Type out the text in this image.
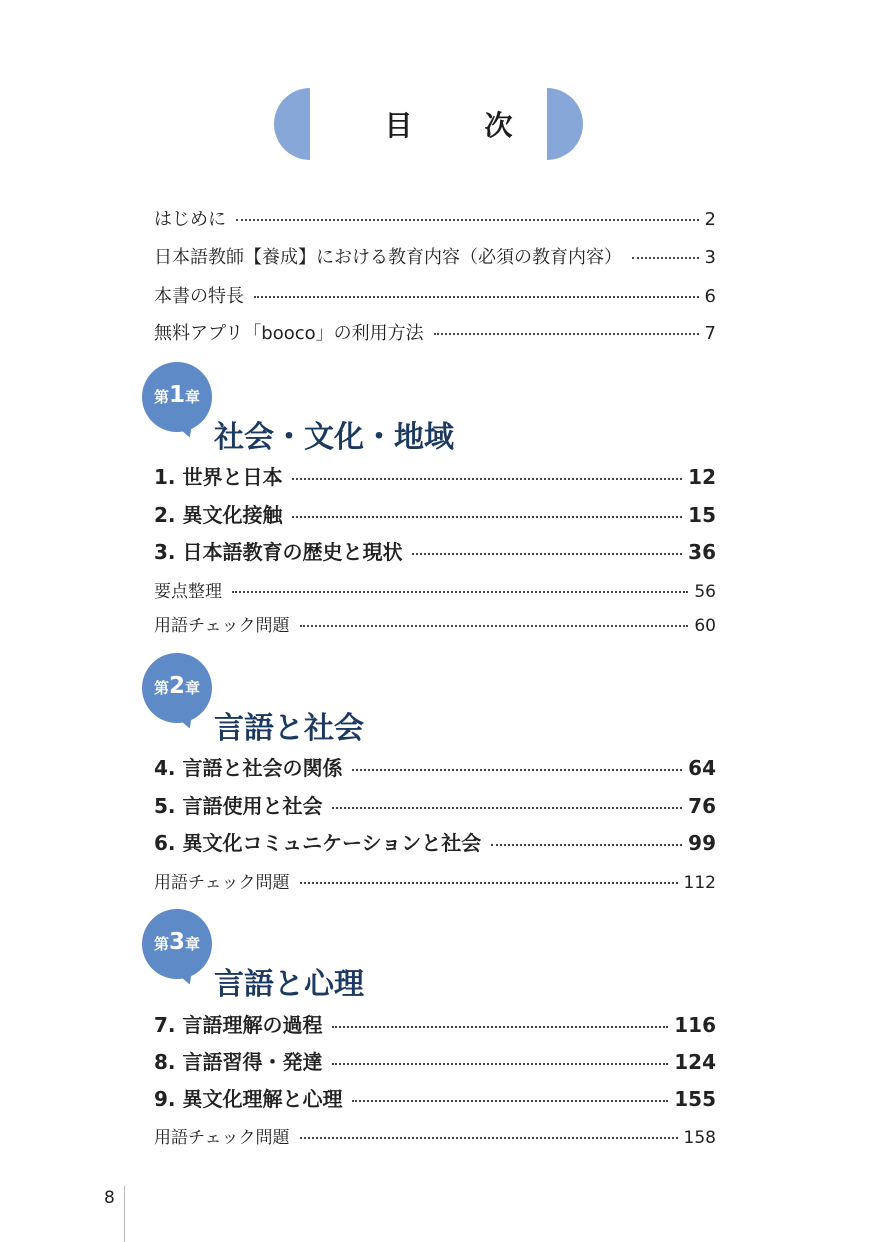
目　次
はじめに	2
日本語教師【養成】における教育内容（必須の教育内容）	3
本書の特長	6
無料アプリ「booco」の利用方法	7
第1章
社会・文化・地域
1. 世界と日本	12
2. 異文化接触	15
3. 日本語教育の歴史と現状	36
要点整理	56
用語チェック問題	60
第2章
言語と社会
4. 言語と社会の関係	64
5. 言語使用と社会	76
6. 異文化コミュニケーションと社会	99
用語チェック問題	112
第3章
言語と心理
7. 言語理解の過程	116
8. 言語習得・発達	124
9. 異文化理解と心理	155
用語チェック問題	158
8
